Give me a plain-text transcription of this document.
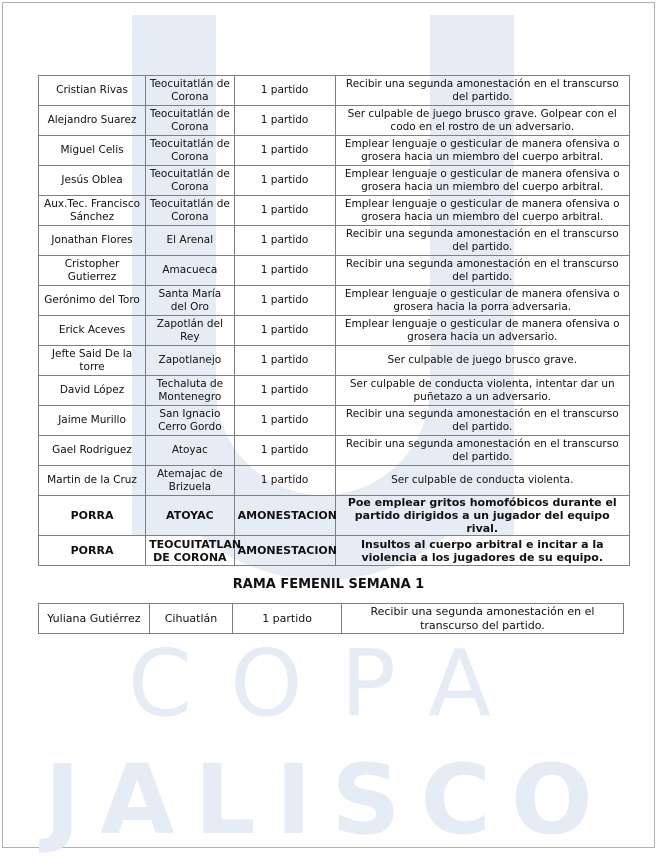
COPA
JALISCO
Cristian Rivas	Teocuitatlán de Corona	1 partido	Recibir una segunda amonestación en el transcurso del partido.
Alejandro Suarez	Teocuitatlán de Corona	1 partido	Ser culpable de juego brusco grave. Golpear con el codo en el rostro de un adversario.
Miguel Celis	Teocuitatlán de Corona	1 partido	Emplear lenguaje o gesticular de manera ofensiva o grosera hacia un miembro del cuerpo arbitral.
Jesús Oblea	Teocuitatlán de Corona	1 partido	Emplear lenguaje o gesticular de manera ofensiva o grosera hacia un miembro del cuerpo arbitral.
Aux.Tec. Francisco Sánchez	Teocuitatlán de Corona	1 partido	Emplear lenguaje o gesticular de manera ofensiva o grosera hacia un miembro del cuerpo arbitral.
Jonathan Flores	El Arenal	1 partido	Recibir una segunda amonestación en el transcurso del partido.
Cristopher Gutierrez	Amacueca	1 partido	Recibir una segunda amonestación en el transcurso del partido.
Gerónimo del Toro	Santa María del Oro	1 partido	Emplear lenguaje o gesticular de manera ofensiva o grosera hacia la porra adversaria.
Erick Aceves	Zapotlán del Rey	1 partido	Emplear lenguaje o gesticular de manera ofensiva o grosera hacia un adversario.
Jefte Said De la torre	Zapotlanejo	1 partido	Ser culpable de juego brusco grave.
David López	Techaluta de Montenegro	1 partido	Ser culpable de conducta violenta, intentar dar un puñetazo a un adversario.
Jaime Murillo	San Ignacio Cerro Gordo	1 partido	Recibir una segunda amonestación en el transcurso del partido.
Gael Rodriguez	Atoyac	1 partido	Recibir una segunda amonestación en el transcurso del partido.
Martin de la Cruz	Atemajac de Brizuela	1 partido	Ser culpable de conducta violenta.
PORRA	ATOYAC	AMONESTACION	Poe emplear gritos homofóbicos durante el partido dirigidos a un jugador del equipo rival.
PORRA	TEOCUITATLAN DE CORONA	AMONESTACION	Insultos al cuerpo arbitral e incitar a la violencia a los jugadores de su equipo.
RAMA FEMENIL SEMANA 1
Yuliana Gutiérrez	Cihuatlán	1 partido	Recibir una segunda amonestación en el transcurso del partido.
